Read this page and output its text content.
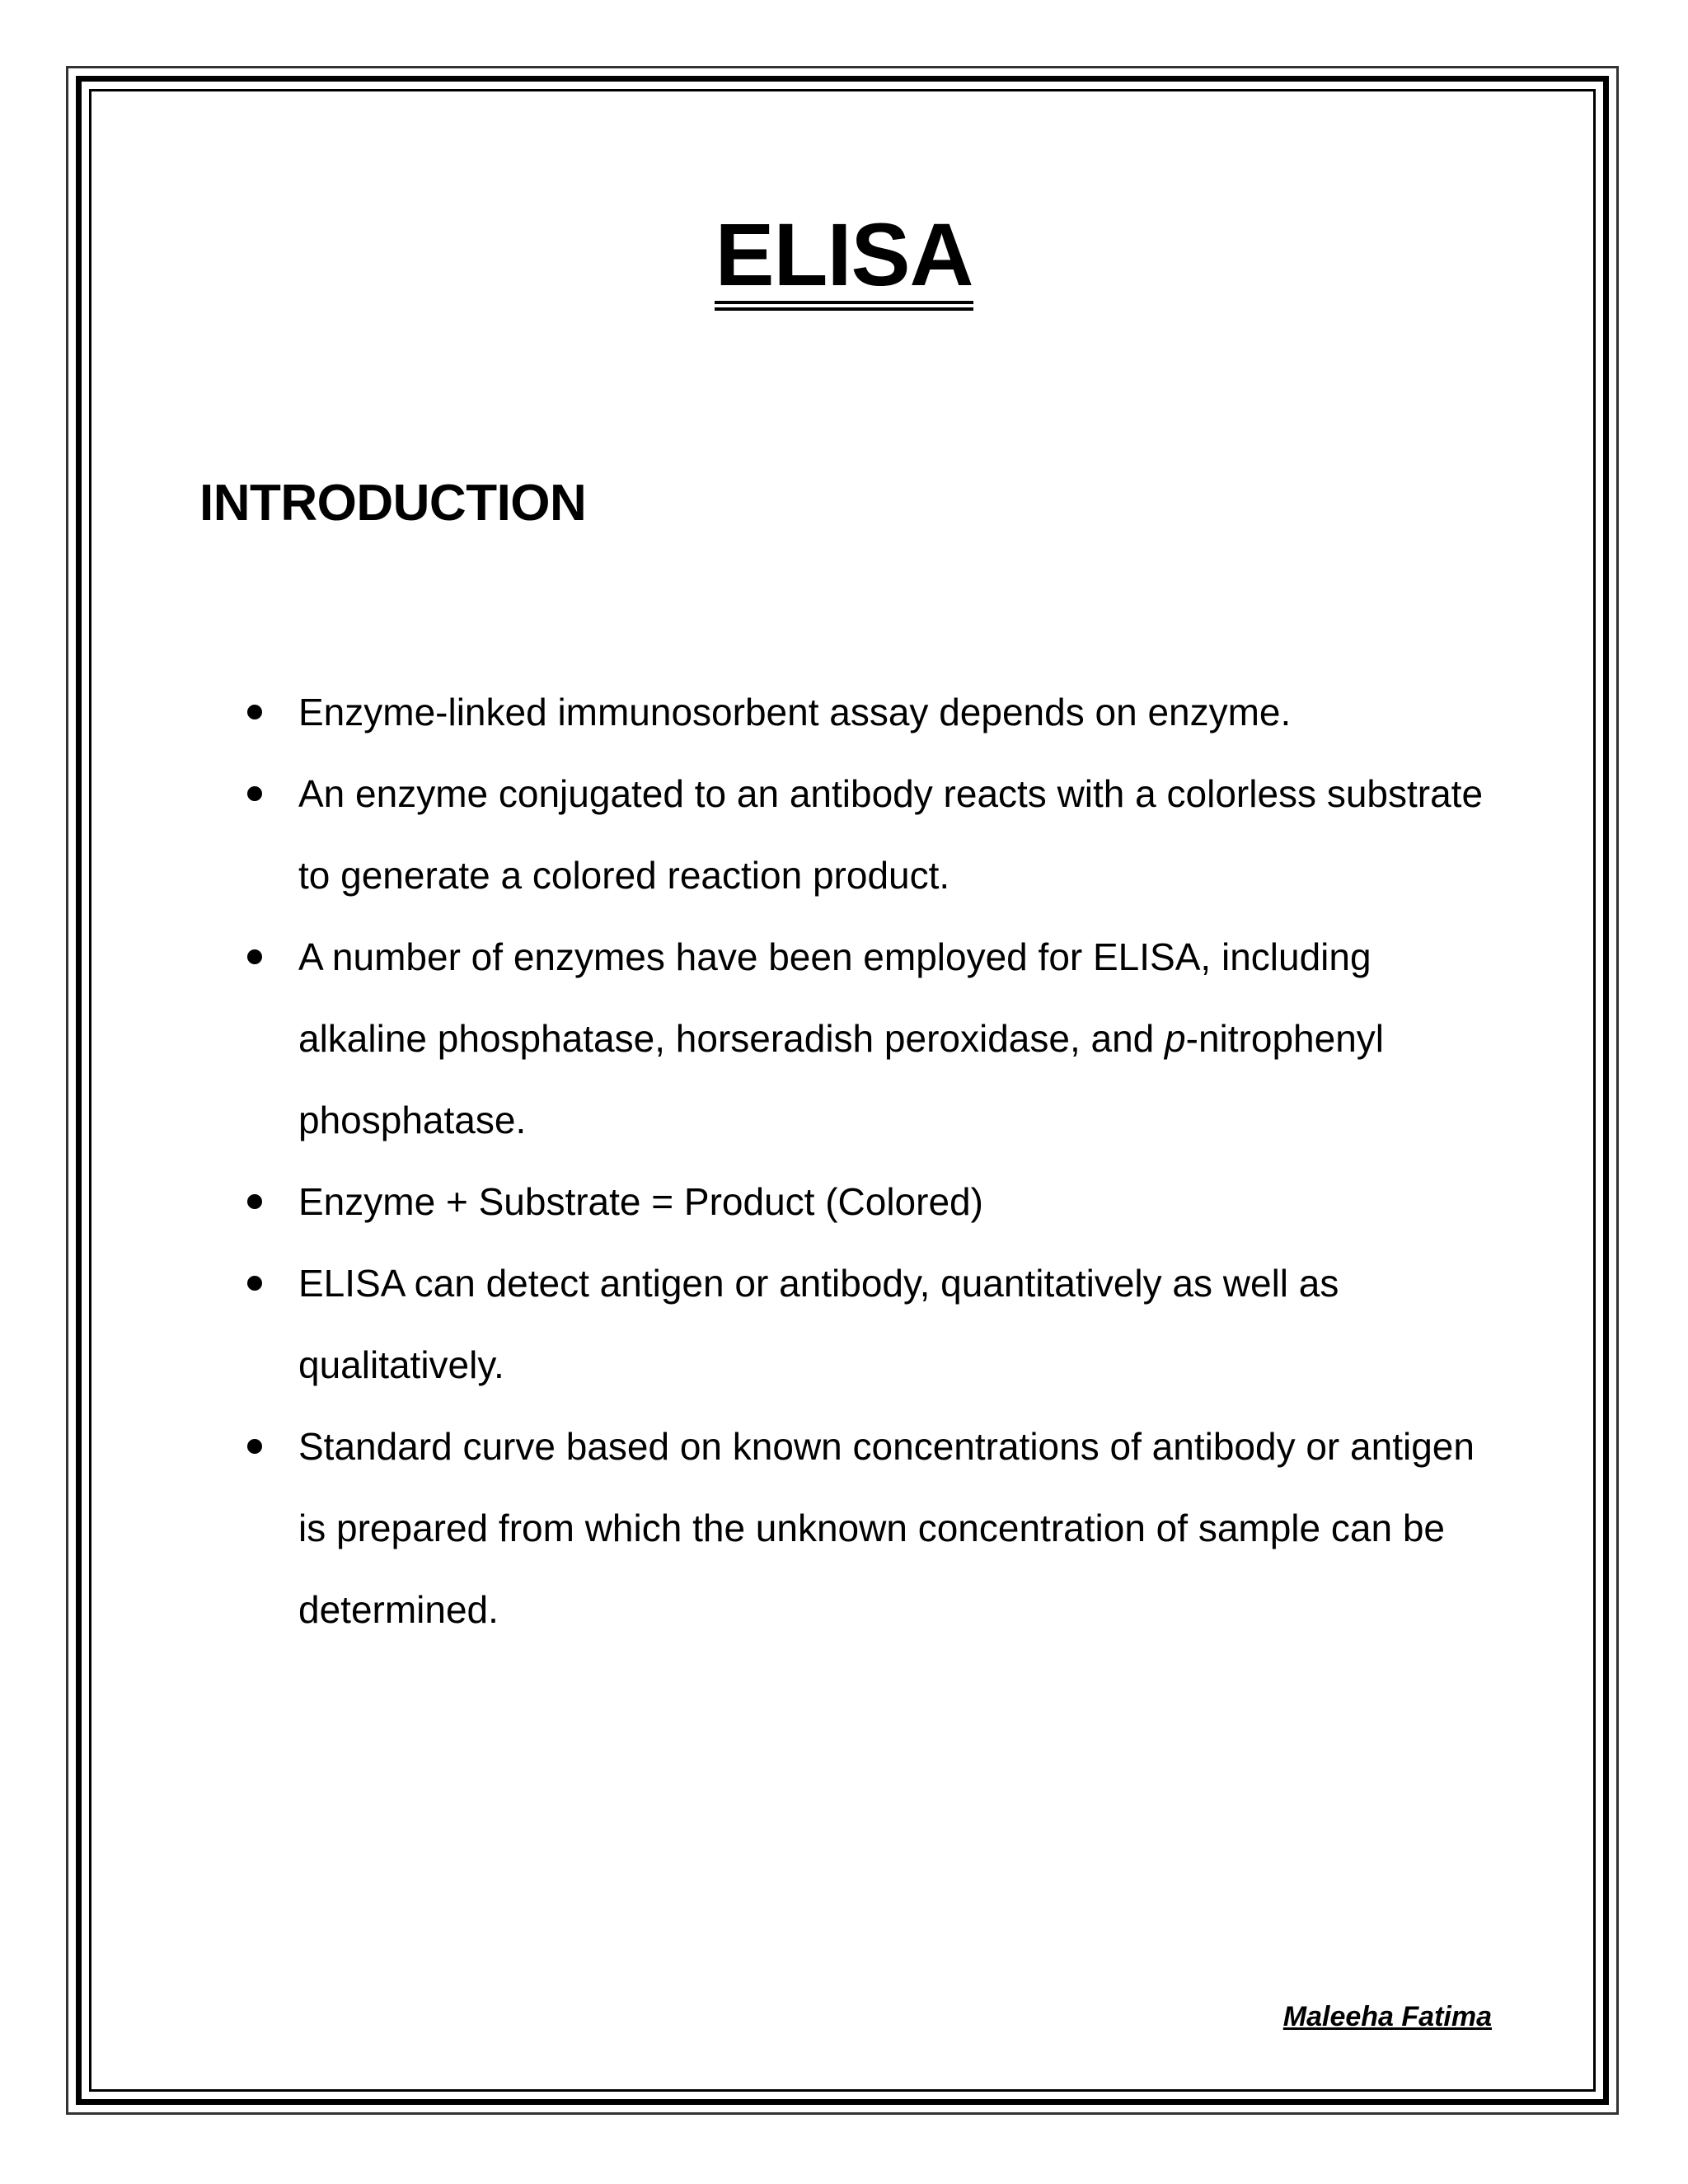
ELISA
INTRODUCTION
Enzyme-linked immunosorbent assay depends on enzyme.
An enzyme conjugated to an antibody reacts with a colorless substrate to generate a colored reaction product.
A number of enzymes have been employed for ELISA, including alkaline phosphatase, horseradish peroxidase, and p-nitrophenyl phosphatase.
Enzyme + Substrate = Product (Colored)
ELISA can detect antigen or antibody, quantitatively as well as qualitatively.
Standard curve based on known concentrations of antibody or antigen is prepared from which the unknown concentration of sample can be determined.

Maleeha Fatima
